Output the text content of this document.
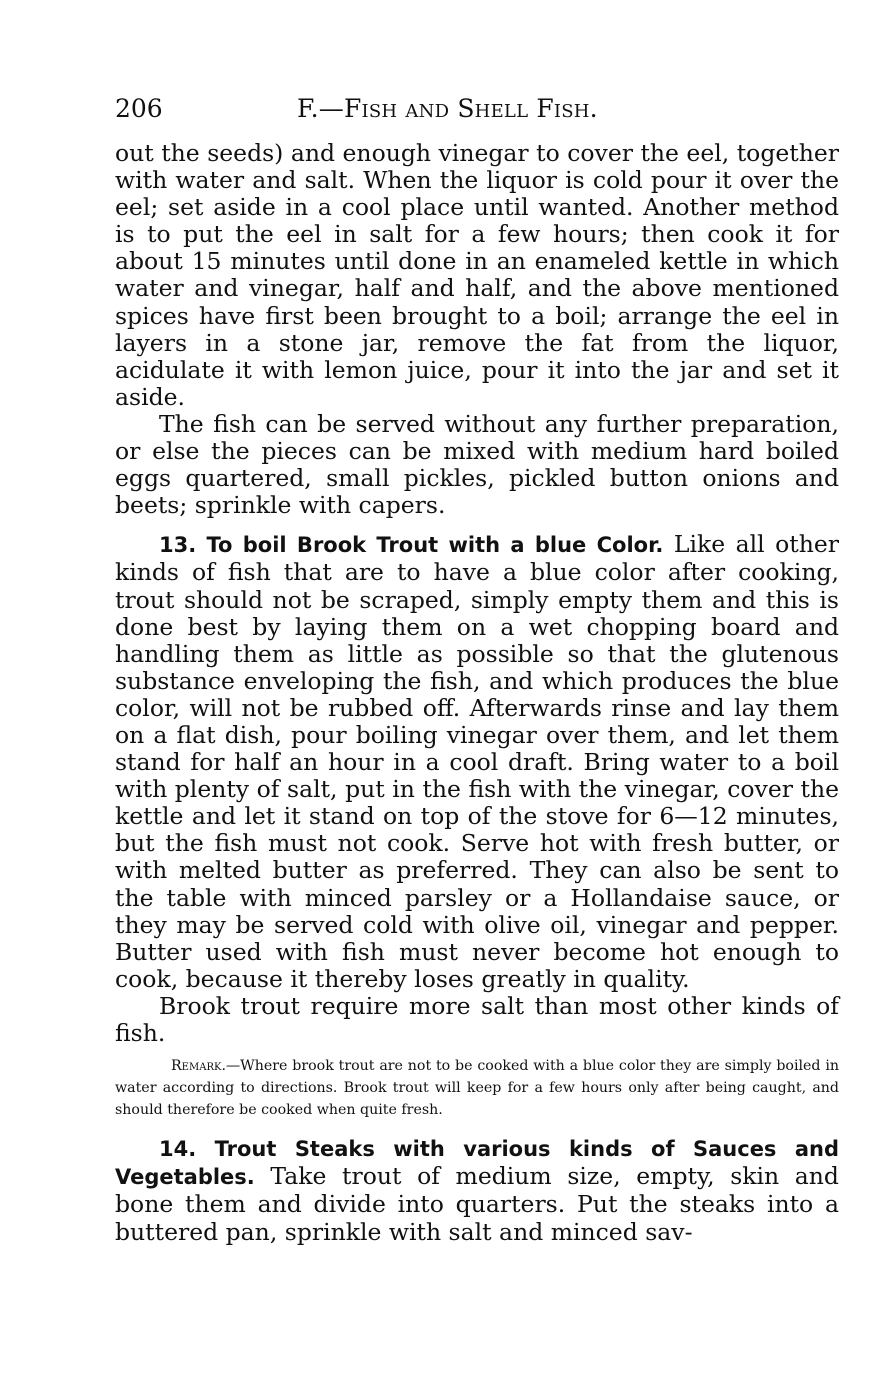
206	F.—Fish and Shell Fish.

out the seeds) and enough vinegar to cover the eel, together with water and salt. When the liquor is cold pour it over the eel; set aside in a cool place until wanted. Another method is to put the eel in salt for a few hours; then cook it for about 15 minutes until done in an enameled kettle in which water and vinegar, half and half, and the above mentioned spices have first been brought to a boil; arrange the eel in layers in a stone jar, remove the fat from the liquor, acidulate it with lemon juice, pour it into the jar and set it aside.

The fish can be served without any further preparation, or else the pieces can be mixed with medium hard boiled eggs quartered, small pickles, pickled button onions and beets; sprinkle with capers.

13. To boil Brook Trout with a blue Color. Like all other kinds of fish that are to have a blue color after cooking, trout should not be scraped, simply empty them and this is done best by laying them on a wet chopping board and handling them as little as possible so that the glutenous substance enveloping the fish, and which produces the blue color, will not be rubbed off. Afterwards rinse and lay them on a flat dish, pour boiling vinegar over them, and let them stand for half an hour in a cool draft. Bring water to a boil with plenty of salt, put in the fish with the vinegar, cover the kettle and let it stand on top of the stove for 6—12 minutes, but the fish must not cook. Serve hot with fresh butter, or with melted butter as preferred. They can also be sent to the table with minced parsley or a Hollandaise sauce, or they may be served cold with olive oil, vinegar and pepper. Butter used with fish must never become hot enough to cook, because it thereby loses greatly in quality.

Brook trout require more salt than most other kinds of fish.

Remark.—Where brook trout are not to be cooked with a blue color they are simply boiled in water according to directions. Brook trout will keep for a few hours only after being caught, and should therefore be cooked when quite fresh.

14. Trout Steaks with various kinds of Sauces and Vegetables. Take trout of medium size, empty, skin and bone them and divide into quarters. Put the steaks into a buttered pan, sprinkle with salt and minced sav-
